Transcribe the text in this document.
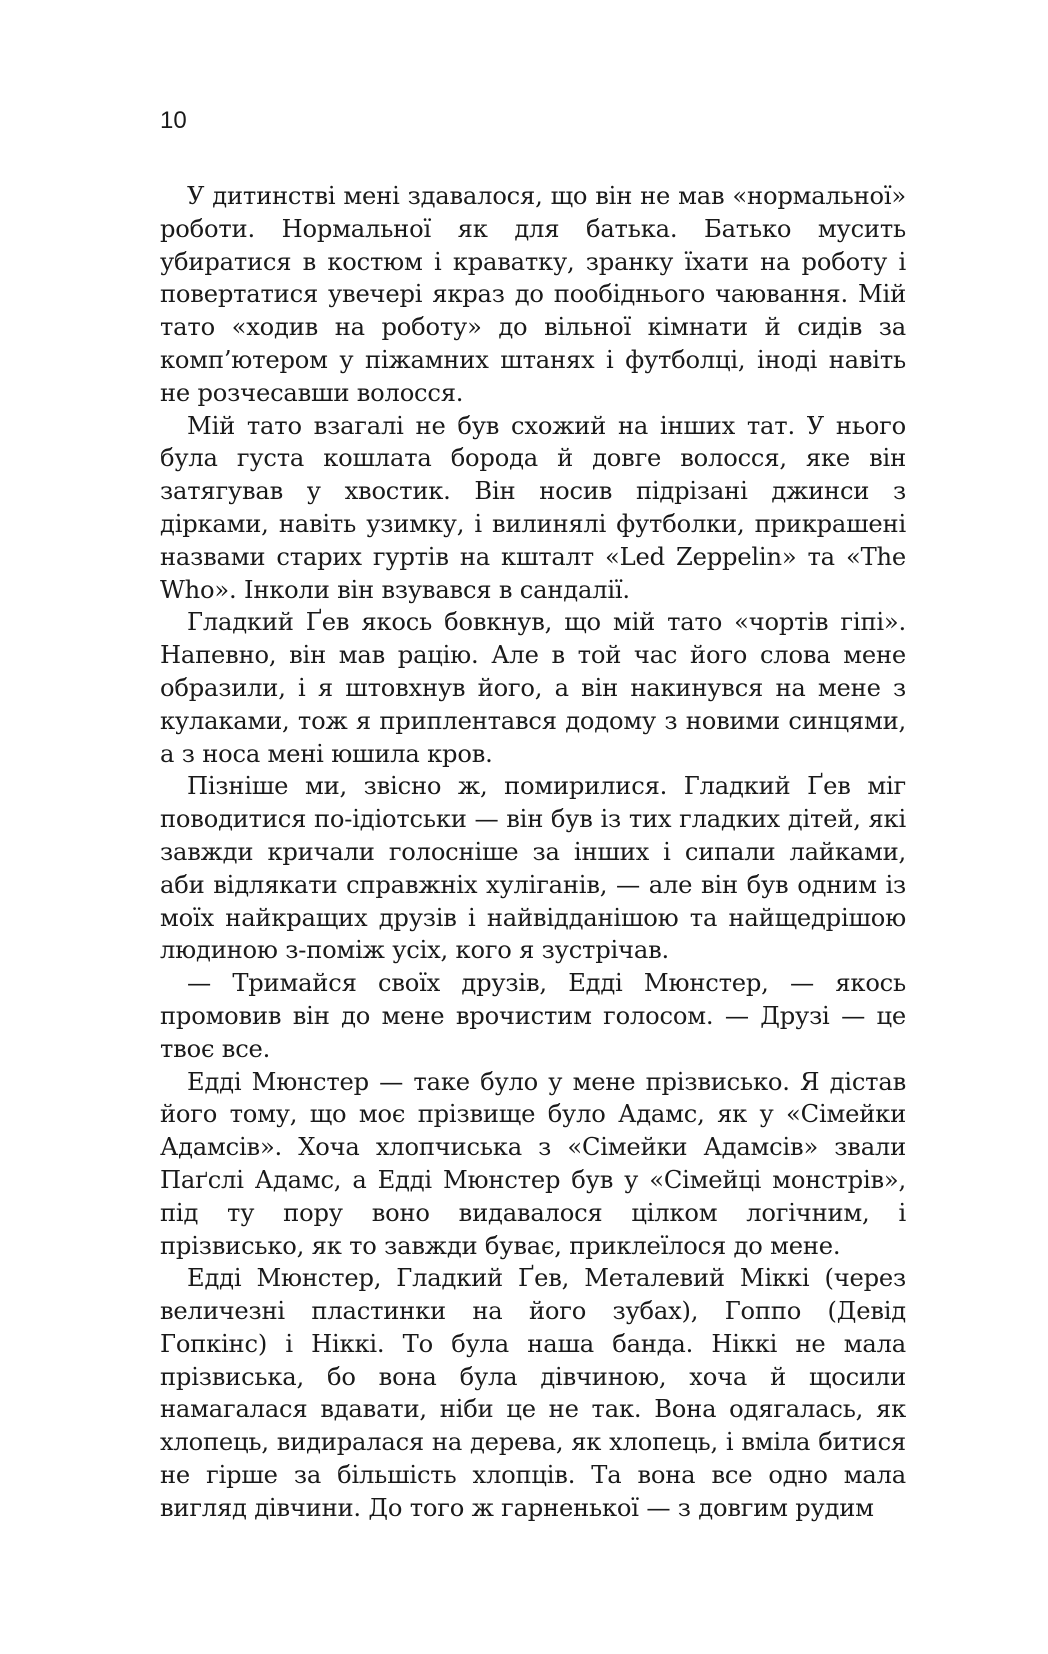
10

У дитинстві мені здавалося, що він не мав «нормальної» роботи. Нормальної як для батька. Батько мусить убиратися в костюм і краватку, зранку їхати на роботу і повертатися увечері якраз до пообіднього чаювання. Мій тато «ходив на роботу» до вільної кімнати й сидів за комп’ютером у піжамних штанях і футболці, іноді навіть не розчесавши волосся.

Мій тато взагалі не був схожий на інших тат. У нього була густа кошлата борода й довге волосся, яке він затягував у хвостик. Він носив підрізані джинси з дірками, навіть узимку, і вилинялі футболки, прикрашені назвами старих гуртів на кшталт «Led Zeppelin» та «The Who». Інколи він взувався в сандалії.

Гладкий Ґев якось бовкнув, що мій тато «чортів гіпі». Напевно, він мав рацію. Але в той час його слова мене образили, і я штовхнув його, а він накинувся на мене з кулаками, тож я приплентався додому з новими синцями, а з носа мені юшила кров.

Пізніше ми, звісно ж, помирилися. Гладкий Ґев міг поводитися по-ідіотськи — він був із тих гладких дітей, які завжди кричали голосніше за інших і сипали лайками, аби відлякати справжніх хуліганів, — але він був одним із моїх найкращих друзів і найвідданішою та найщедрішою людиною з-поміж усіх, кого я зустрічав.

— Тримайся своїх друзів, Едді Мюнстер, — якось промовив він до мене врочистим голосом. — Друзі — це твоє все.

Едді Мюнстер — таке було у мене прізвисько. Я дістав його тому, що моє прізвище було Адамс, як у «Сімейки Адамсів». Хоча хлопчиська з «Сімейки Адамсів» звали Паґслі Адамс, а Едді Мюнстер був у «Сімейці монстрів», під ту пору воно видавалося цілком логічним, і прізвисько, як то завжди буває, приклеїлося до мене.

Едді Мюнстер, Гладкий Ґев, Металевий Міккі (через величезні пластинки на його зубах), Гоппо (Девід Гопкінс) і Ніккі. То була наша банда. Ніккі не мала прізвиська, бо вона була дівчиною, хоча й щосили намагалася вдавати, ніби це не так. Вона одягалась, як хлопець, видиралася на дерева, як хлопець, і вміла битися не гірше за більшість хлопців. Та вона все одно мала вигляд дівчини. До того ж гарненької — з довгим рудим
